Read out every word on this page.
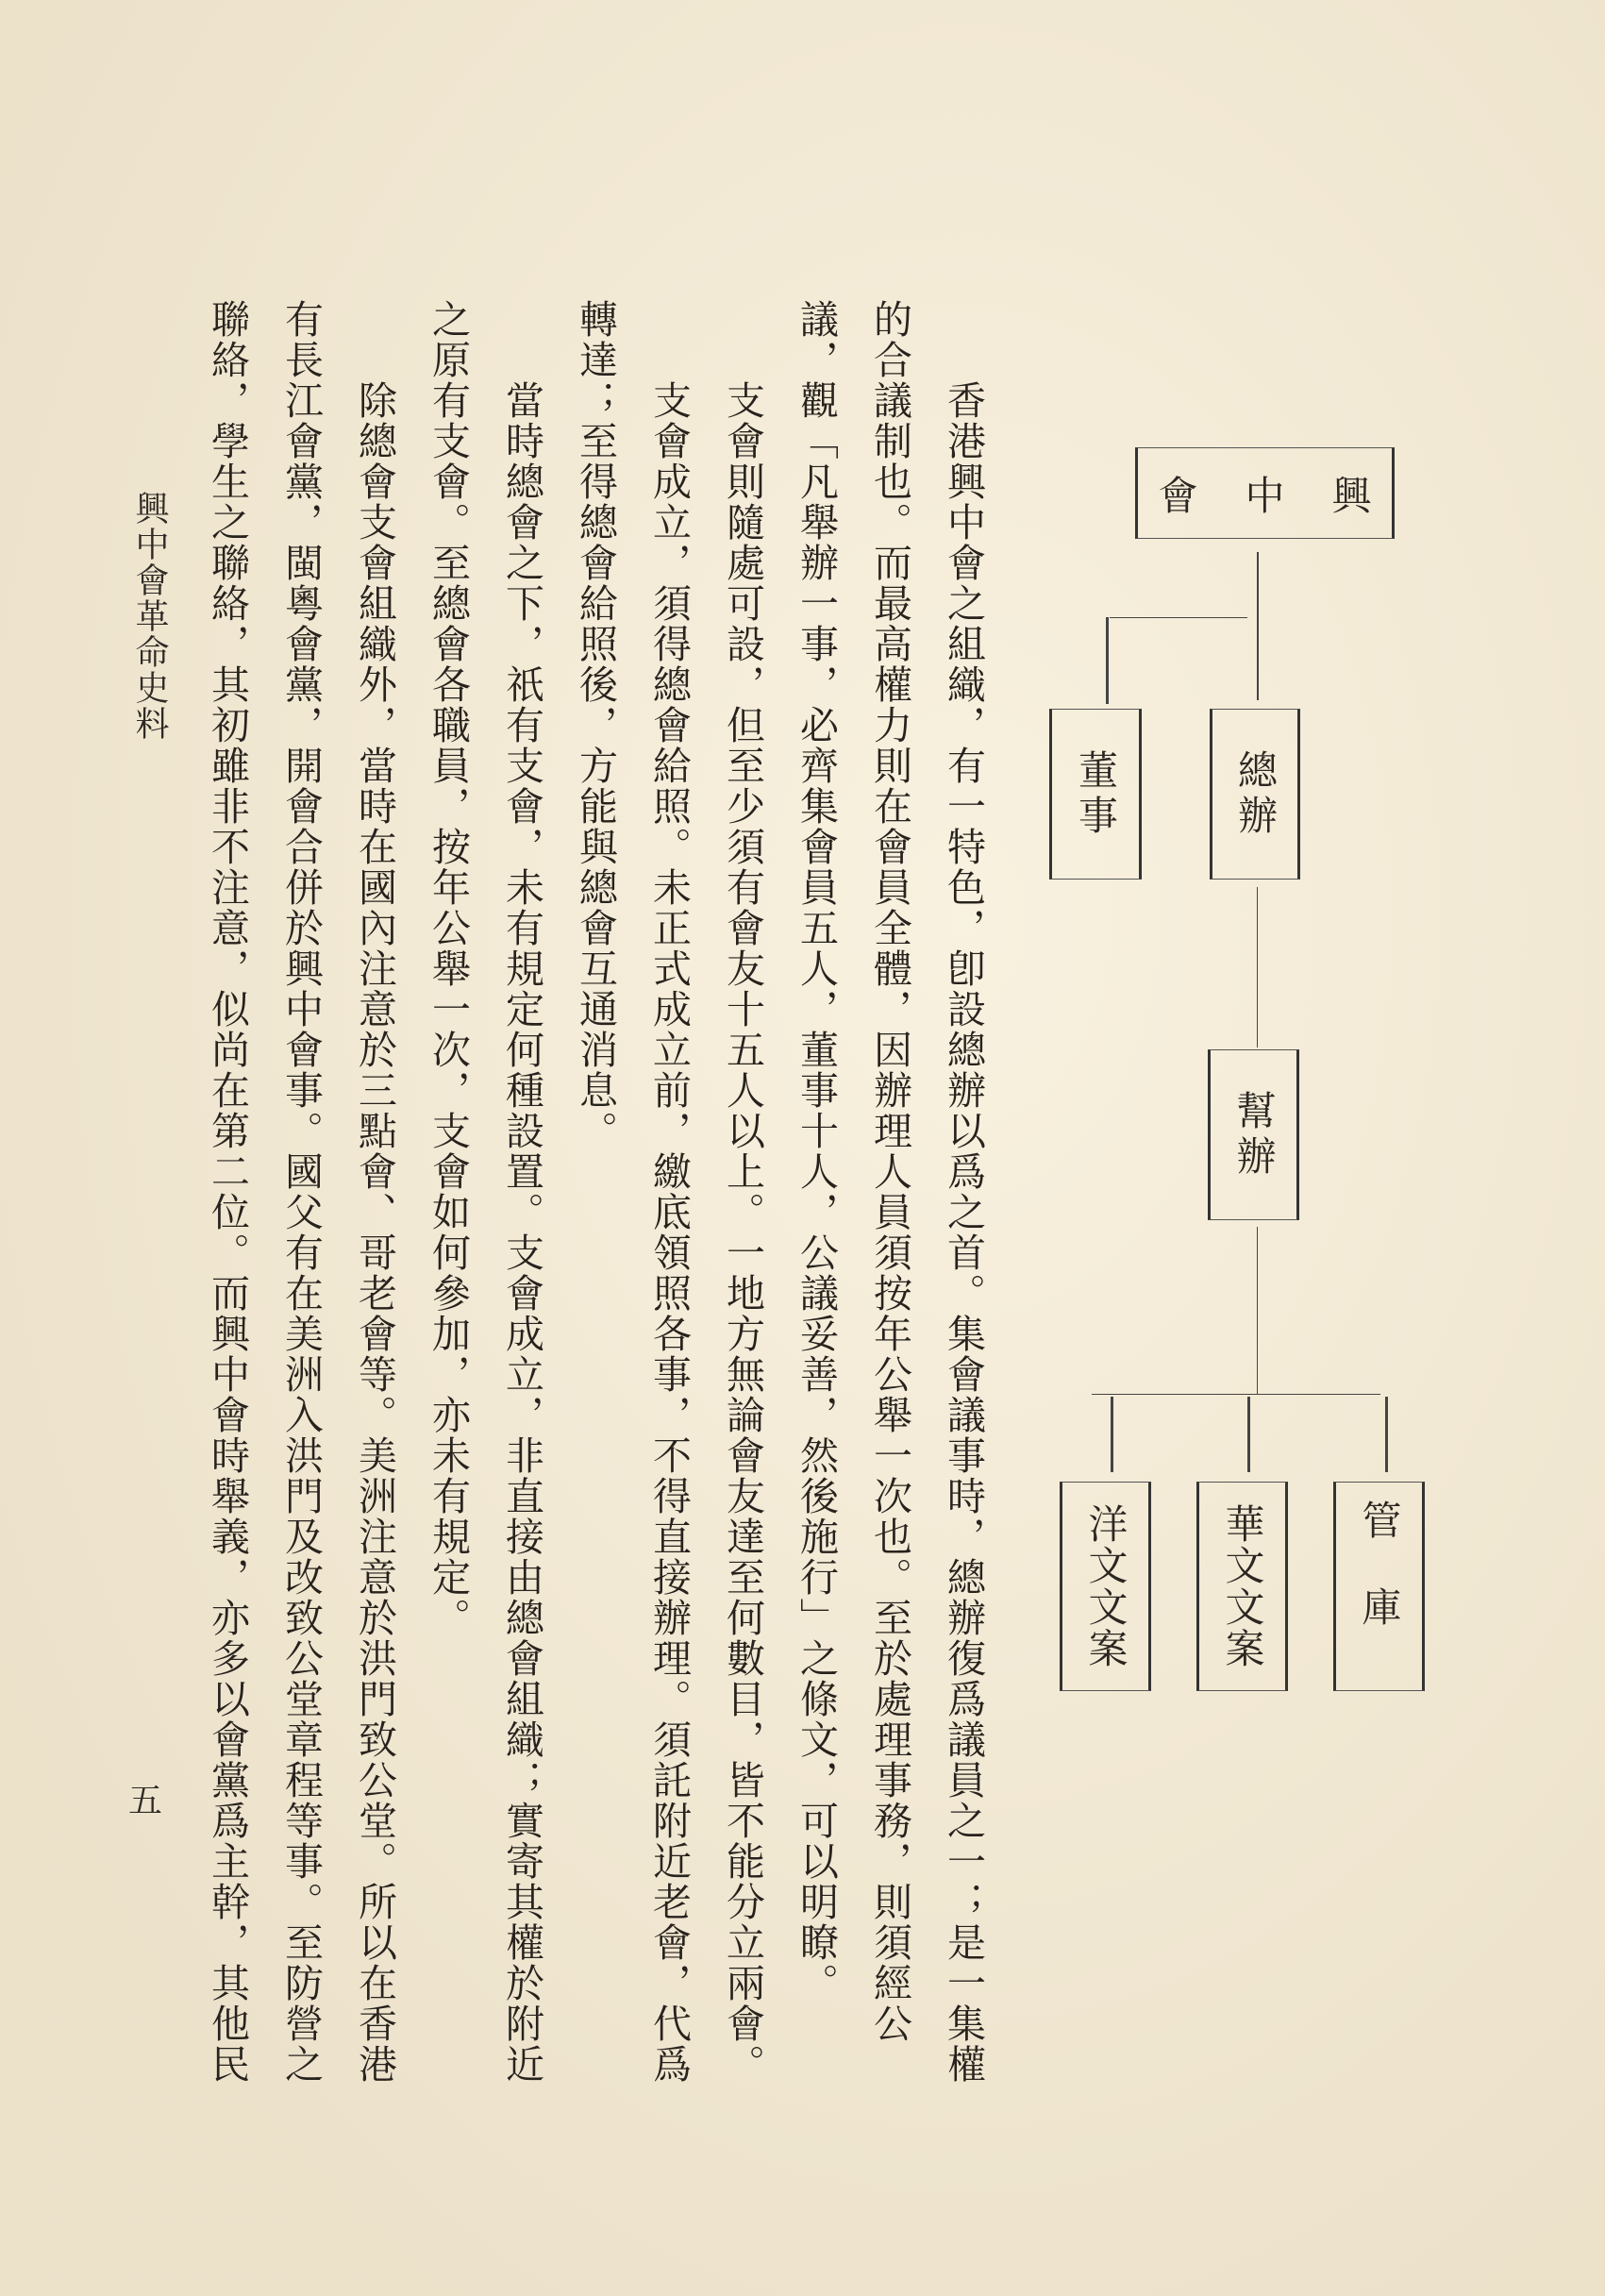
興中會
董事	總辦
幫辦
洋文文案 華文文案 管庫
香港興中會之組織，有一特色，卽設總辦以爲之首。集會議事時，總辦復爲議員之一；是一集權
的合議制也。而最高權力則在會員全體，因辦理人員須按年公舉一次也。至於處理事務，則須經公
議，觀「凡舉辦一事，必齊集會員五人，董事十人，公議妥善，然後施行」之條文，可以明瞭。
支會則隨處可設，但至少須有會友十五人以上。一地方無論會友達至何數目，皆不能分立兩會。
支會成立，須得總會給照。未正式成立前，繳底領照各事，不得直接辦理。須託附近老會，代爲
轉達；至得總會給照後，方能與總會互通消息。
當時總會之下，祇有支會，未有規定何種設置。支會成立，非直接由總會組織；實寄其權於附近
之原有支會。至總會各職員，按年公舉一次，支會如何參加，亦未有規定。
除總會支會組織外，當時在國內注意於三點會、哥老會等。美洲注意於洪門致公堂。所以在香港
有長江會黨，閩粵會黨，開會合併於興中會事。國父有在美洲入洪門及改致公堂章程等事。至防營之
聯絡，學生之聯絡，其初雖非不注意，似尚在第二位。而興中會時舉義，亦多以會黨爲主幹，其他民
興中會革命史料
五
